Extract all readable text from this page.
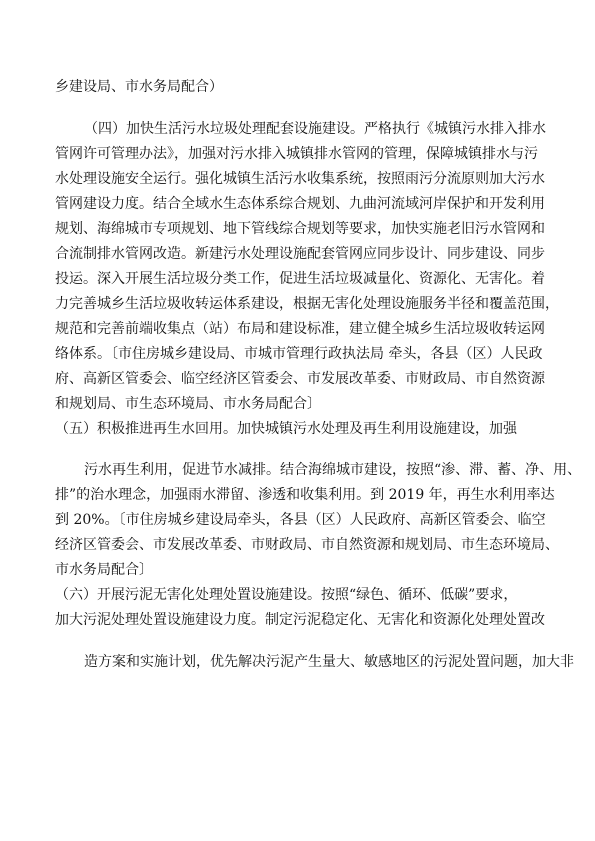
乡建设局、市水务局配合）
（四）加快生活污水垃圾处理配套设施建设。严格执行《城镇污水排入排水
管网许可管理办法》，加强对污水排入城镇排水管网的管理，保障城镇排水与污
水处理设施安全运行。强化城镇生活污水收集系统，按照雨污分流原则加大污水
管网建设力度。结合全域水生态体系综合规划、九曲河流域河岸保护和开发利用
规划、海绵城市专项规划、地下管线综合规划等要求，加快实施老旧污水管网和
合流制排水管网改造。新建污水处理设施配套管网应同步设计、同步建设、同步
投运。深入开展生活垃圾分类工作，促进生活垃圾减量化、资源化、无害化。着
力完善城乡生活垃圾收转运体系建设，根据无害化处理设施服务半径和覆盖范围，
规范和完善前端收集点（站）布局和建设标准，建立健全城乡生活垃圾收转运网
络体系。〔市住房城乡建设局、市城市管理行政执法局 牵头，各县（区）人民政
府、高新区管委会、临空经济区管委会、市发展改革委、市财政局、市自然资源
和规划局、市生态环境局、市水务局配合〕
（五）积极推进再生水回用。加快城镇污水处理及再生利用设施建设，加强
污水再生利用，促进节水减排。结合海绵城市建设，按照“渗、滞、蓄、净、用、
排”的治水理念，加强雨水滞留、渗透和收集利用。到 2019 年，再生水利用率达
到 20%。〔市住房城乡建设局牵头，各县（区）人民政府、高新区管委会、临空
经济区管委会、市发展改革委、市财政局、市自然资源和规划局、市生态环境局、
市水务局配合〕
（六）开展污泥无害化处理处置设施建设。按照“绿色、循环、低碳”要求，
加大污泥处理处置设施建设力度。制定污泥稳定化、无害化和资源化处理处置改
造方案和实施计划，优先解决污泥产生量大、敏感地区的污泥处置问题，加大非
